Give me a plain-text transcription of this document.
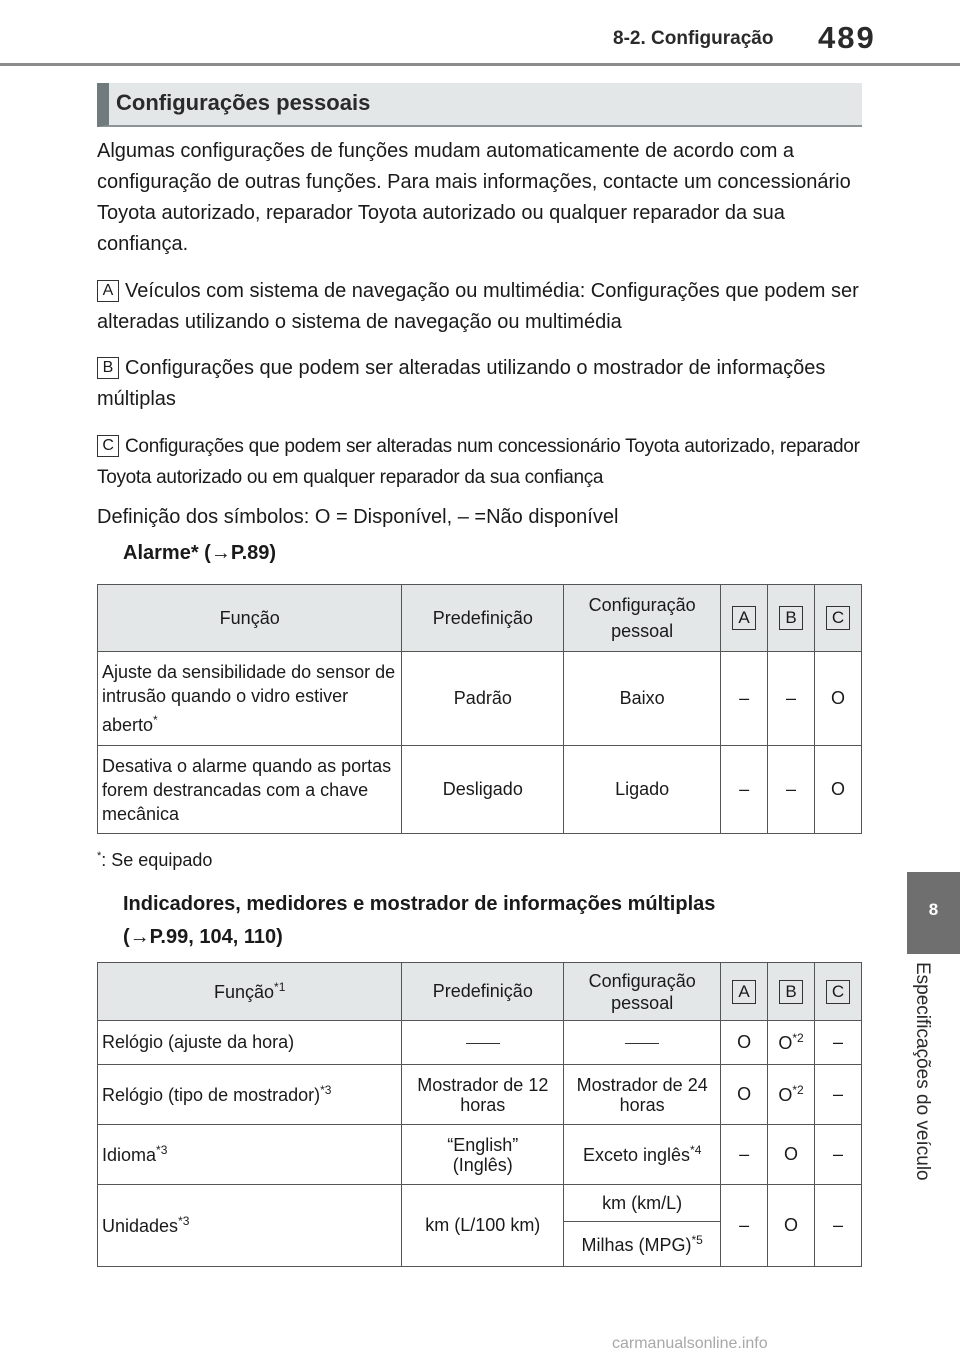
8-2. Configuração 489
8
Especificações do veículo
Configurações pessoais
Algumas configurações de funções mudam automaticamente de acordo com a configuração de outras funções. Para mais informações, contacte um concessionário Toyota autorizado, reparador Toyota autorizado ou qualquer reparador da sua confiança.
A Veículos com sistema de navegação ou multimédia: Configurações que podem ser alteradas utilizando o sistema de navegação ou multimédia
B Configurações que podem ser alteradas utilizando o mostrador de informações múltiplas
C Configurações que podem ser alteradas num concessionário Toyota autorizado, reparador Toyota autorizado ou em qualquer reparador da sua confiança
Definição dos símbolos: O = Disponível, – =Não disponível
Alarme* (→P.89)
Função	Predefinição	Configuração pessoal	A	B	C
Ajuste da sensibilidade do sensor de intrusão quando o vidro estiver aberto*	Padrão	Baixo	–	–	O
Desativa o alarme quando as portas forem destrancadas com a chave mecânica	Desligado	Ligado	–	–	O
*: Se equipado
Indicadores, medidores e mostrador de informações múltiplas
(→P.99, 104, 110)
Função$^{*1}$	Predefinição	Configuração pessoal	A	B	C
Relógio (ajuste da hora)			O	$O^{*2}$	–
Relógio (tipo de mostrador)$^{*3}$	Mostrador de 12 horas	Mostrador de 24 horas	O	$O^{*2}$	–
Idioma$^{*3}$	“English” (Inglês)	Exceto inglês$^{*4}$	–	O	–
Unidades$^{*3}$	km (L/100 km)	km (km/L)	–	O	–
		Milhas (MPG)$^{*5}$
carmanualsonline.info
